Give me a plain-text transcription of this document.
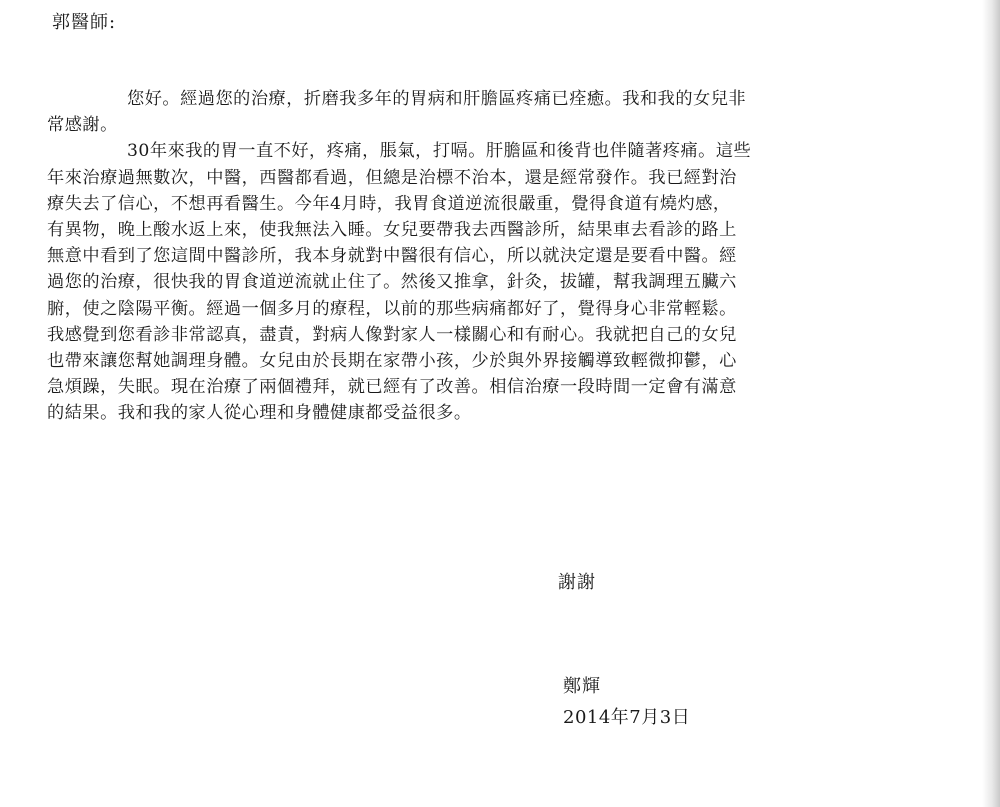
郭醫師:
您好。經過您的治療，折磨我多年的胃病和肝膽區疼痛已痊癒。我和我的女兒非
常感謝。
30年來我的胃一直不好，疼痛，脹氣，打嗝。肝膽區和後背也伴隨著疼痛。這些
年來治療過無數次，中醫，西醫都看過，但總是治標不治本，還是經常發作。我已經對治
療失去了信心，不想再看醫生。今年4月時，我胃食道逆流很嚴重，覺得食道有燒灼感，
有異物，晚上酸水返上來，使我無法入睡。女兒要帶我去西醫診所，結果車去看診的路上
無意中看到了您這間中醫診所，我本身就對中醫很有信心，所以就決定還是要看中醫。經
過您的治療，很快我的胃食道逆流就止住了。然後又推拿，針灸，拔罐，幫我調理五臟六
腑，使之陰陽平衡。經過一個多月的療程，以前的那些病痛都好了，覺得身心非常輕鬆。
我感覺到您看診非常認真，盡責，對病人像對家人一樣關心和有耐心。我就把自己的女兒
也帶來讓您幫她調理身體。女兒由於長期在家帶小孩，少於與外界接觸導致輕微抑鬱，心
急煩躁，失眠。現在治療了兩個禮拜，就已經有了改善。相信治療一段時間一定會有滿意
的結果。我和我的家人從心理和身體健康都受益很多。
謝謝
鄭輝
2014年7月3日
